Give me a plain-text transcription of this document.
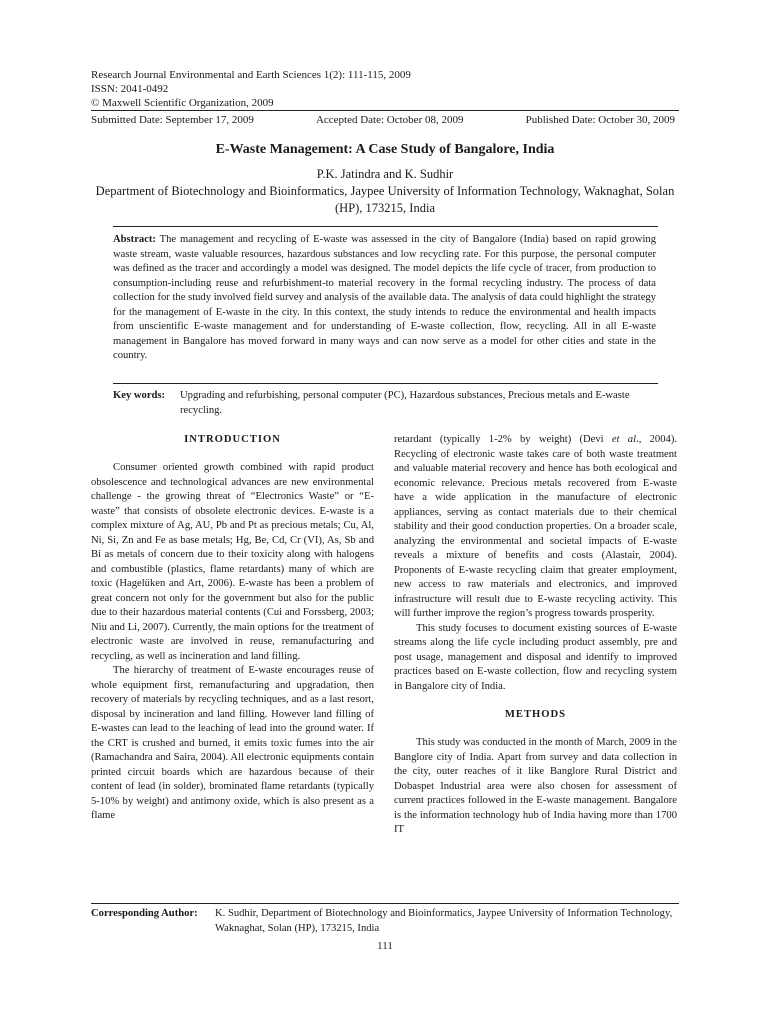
Research Journal Environmental and Earth Sciences 1(2): 111-115, 2009
ISSN: 2041-0492
© Maxwell Scientific Organization, 2009
Submitted Date: September 17, 2009	Accepted Date: October 08, 2009	Published Date: October 30, 2009
E-Waste Management: A Case Study of Bangalore, India
P.K. Jatindra and K. Sudhir
Department of Biotechnology and Bioinformatics, Jaypee University of Information Technology, Waknaghat, Solan (HP), 173215, India
Abstract: The management and recycling of E-waste was assessed in the city of Bangalore (India) based on rapid growing waste stream, waste valuable resources, hazardous substances and low recycling rate. For this purpose, the personal computer was defined as the tracer and accordingly a model was designed. The model depicts the life cycle of tracer, from production to consumption-including reuse and refurbishment-to material recovery in the formal recycling industry. The process of data collection for the study involved field survey and analysis of the available data. The analysis of data could highlight the strategy for the management of E-waste in the city. In this context, the study intends to reduce the environmental and health impacts from unscientific E-waste management and for understanding of E-waste collection, flow, recycling. All in all E-waste management in Bangalore has moved forward in many ways and can now serve as a model for other cities and state in the country.
Key words:	Upgrading and refurbishing, personal computer (PC), Hazardous substances, Precious metals and E-waste recycling.
INTRODUCTION

Consumer oriented growth combined with rapid product obsolescence and technological advances are new environmental challenge - the growing threat of “Electronics Waste” or “E-waste” that consists of obsolete electronic devices. E-waste is a complex mixture of Ag, AU, Pb and Pt as precious metals; Cu, Al, Ni, Si, Zn and Fe as base metals; Hg, Be, Cd, Cr (VI), As, Sb and Bi as metals of concern due to their toxicity along with halogens and combustible (plastics, flame retardants) many of which are toxic (Hagelüken and Art, 2006). E-waste has been a problem of great concern not only for the government but also for the public due to their hazardous material contents (Cui and Forssberg, 2003; Niu and Li, 2007). Currently, the main options for the treatment of electronic waste are involved in reuse, remanufacturing and recycling, as well as incineration and land filling.

The hierarchy of treatment of E-waste encourages reuse of whole equipment first, remanufacturing and upgradation, then recovery of materials by recycling techniques, and as a last resort, disposal by incineration and land filling. However land filling of E-wastes can lead to the leaching of lead into the ground water. If the CRT is crushed and burned, it emits toxic fumes into the air (Ramachandra and Saira, 2004). All electronic equipments contain printed circuit boards which are hazardous because of their content of lead (in solder), brominated flame retardants (typically 5-10% by weight) and antimony oxide, which is also present as a flame

retardant (typically 1-2% by weight) (Devi et al., 2004). Recycling of electronic waste takes care of both waste treatment and valuable material recovery and hence has both ecological and economic relevance. Precious metals recovered from E-waste have a wide application in the manufacture of electronic appliances, serving as contact materials due to their chemical stability and their good conduction properties. On a broader scale, analyzing the environmental and societal impacts of E-waste reveals a mixture of benefits and costs (Alastair, 2004). Proponents of E-waste recycling claim that greater employment, new access to raw materials and electronics, and improved infrastructure will result due to E-waste recycling activity. This will further improve the region’s progress towards prosperity.

This study focuses to document existing sources of E-waste streams along the life cycle including product assembly, pre and post usage, management and disposal and identify to improved practices based on E-waste collection, flow and recycling system in Bangalore city of India.

METHODS

This study was conducted in the month of March, 2009 in the Banglore city of India. Apart from survey and data collection in the city, outer reaches of it like Banglore Rural District and Dobaspet Industrial area were also chosen for assessment of current practices followed in the E-waste management. Bangalore is the information technology hub of India having more than 1700 IT

Corresponding Author:	K. Sudhir, Department of Biotechnology and Bioinformatics, Jaypee University of Information Technology, Waknaghat, Solan (HP), 173215, India
111
